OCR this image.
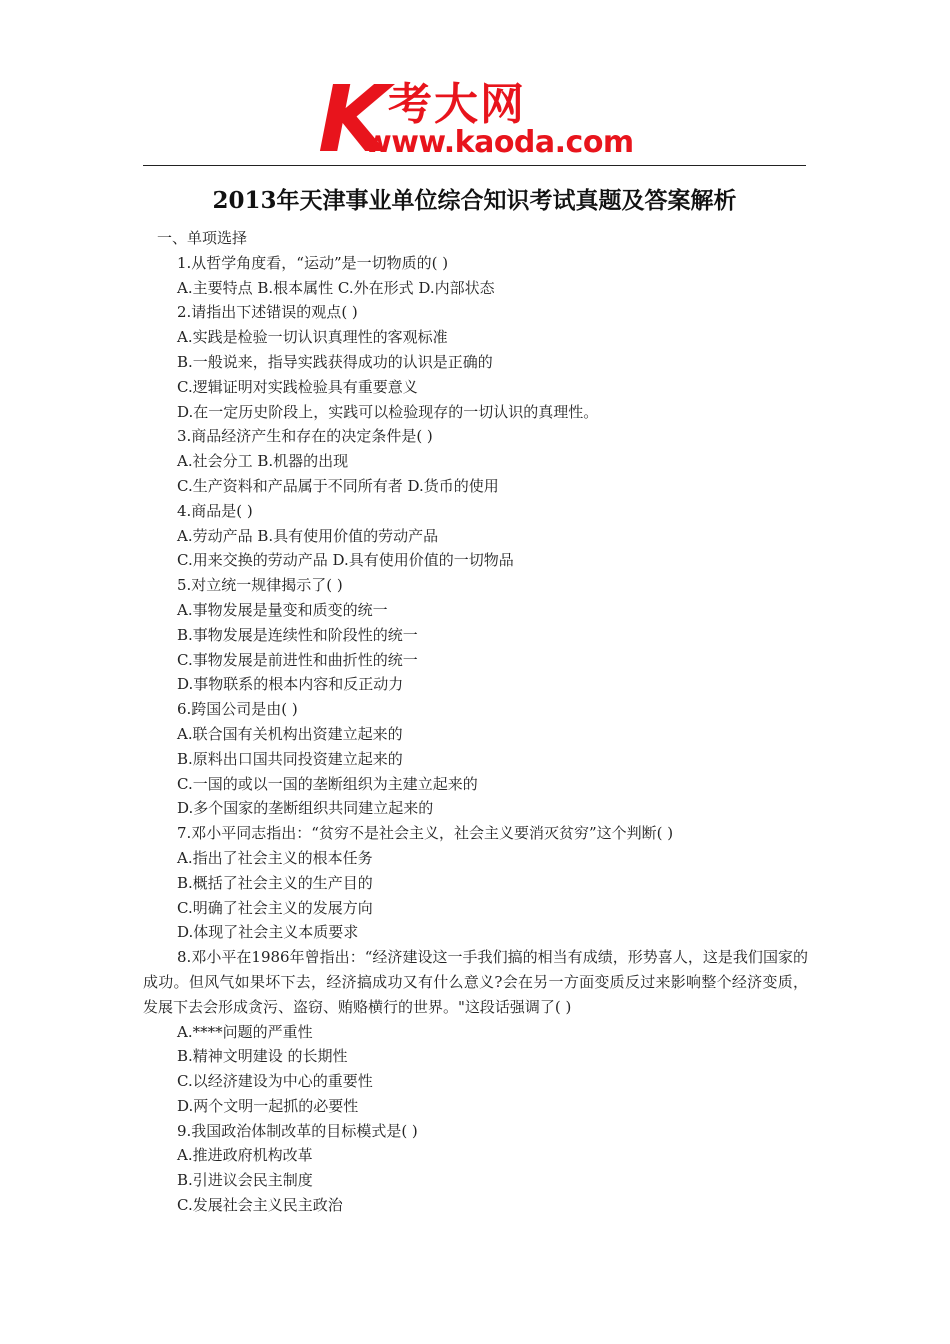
K 考大网
www.kaoda.com
2013年天津事业单位综合知识考试真题及答案解析
一、单项选择
1.从哲学角度看，“运动”是一切物质的( )
A.主要特点 B.根本属性 C.外在形式 D.内部状态
2.请指出下述错误的观点( )
A.实践是检验一切认识真理性的客观标准
B.一般说来，指导实践获得成功的认识是正确的
C.逻辑证明对实践检验具有重要意义
D.在一定历史阶段上，实践可以检验现存的一切认识的真理性。
3.商品经济产生和存在的决定条件是( )
A.社会分工 B.机器的出现
C.生产资料和产品属于不同所有者 D.货币的使用
4.商品是( )
A.劳动产品 B.具有使用价值的劳动产品
C.用来交换的劳动产品 D.具有使用价值的一切物品
5.对立统一规律揭示了( )
A.事物发展是量变和质变的统一
B.事物发展是连续性和阶段性的统一
C.事物发展是前进性和曲折性的统一
D.事物联系的根本内容和反正动力
6.跨国公司是由( )
A.联合国有关机构出资建立起来的
B.原料出口国共同投资建立起来的
C.一国的或以一国的垄断组织为主建立起来的
D.多个国家的垄断组织共同建立起来的
7.邓小平同志指出：“贫穷不是社会主义，社会主义要消灭贫穷”这个判断( )
A.指出了社会主义的根本任务
B.概括了社会主义的生产目的
C.明确了社会主义的发展方向
D.体现了社会主义本质要求
8.邓小平在1986年曾指出：“经济建设这一手我们搞的相当有成绩，形势喜人，这是我们国家的成功。但风气如果坏下去，经济搞成功又有什么意义?会在另一方面变质反过来影响整个经济变质，发展下去会形成贪污、盗窃、贿赂横行的世界。"这段话强调了( )
A.****问题的严重性
B.精神文明建设 的长期性
C.以经济建设为中心的重要性
D.两个文明一起抓的必要性
9.我国政治体制改革的目标模式是( )
A.推进政府机构改革
B.引进议会民主制度
C.发展社会主义民主政治
